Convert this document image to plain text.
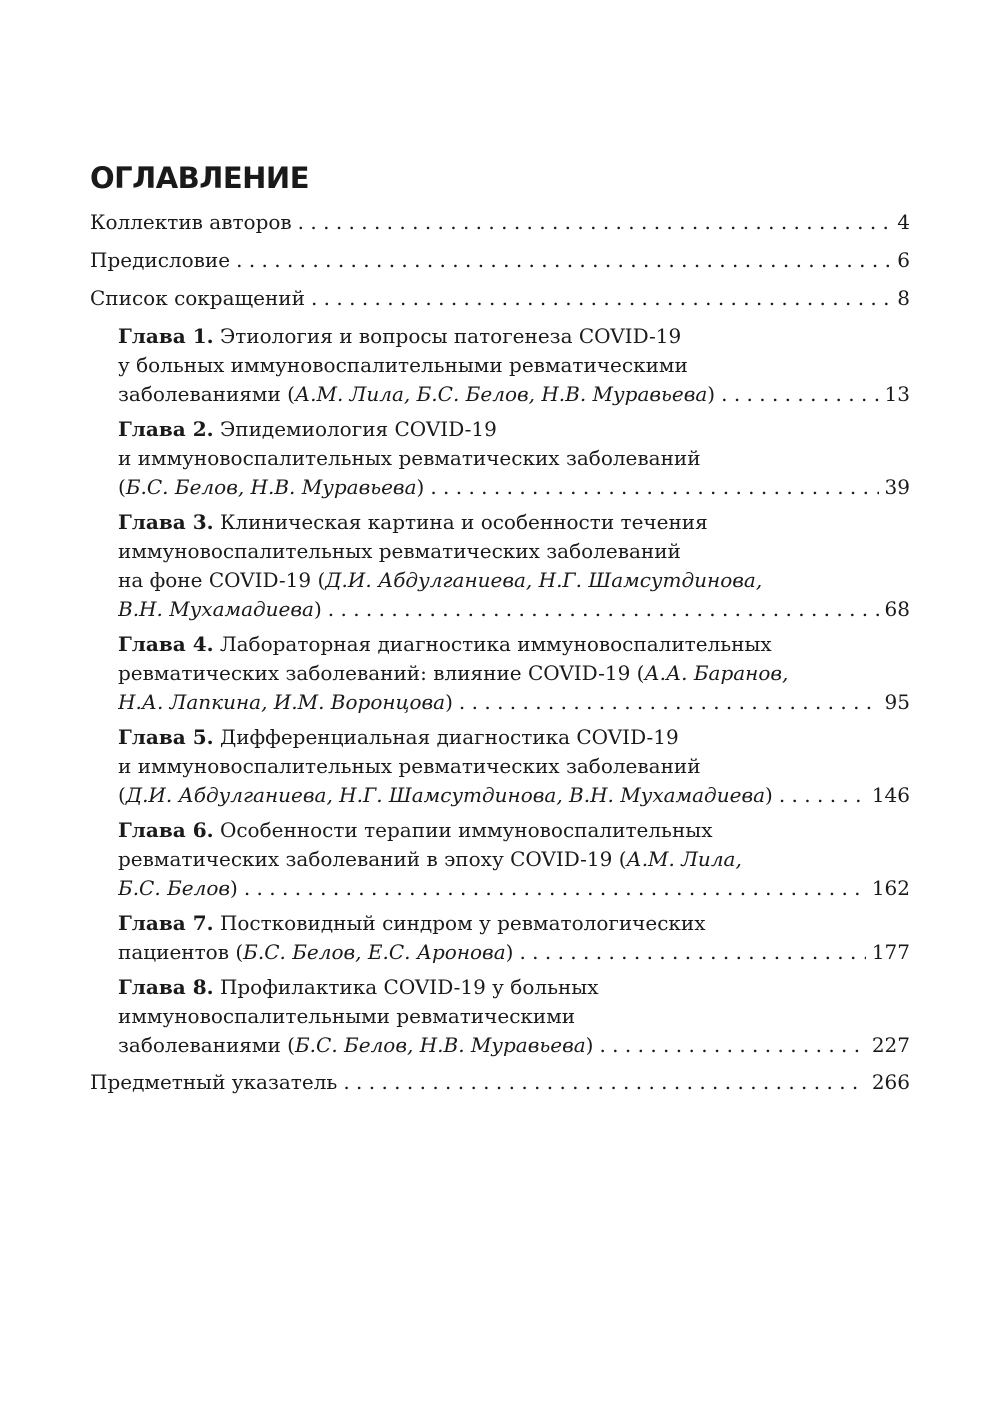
ОГЛАВЛЕНИЕ
Коллектив авторов . . .	4
Предисловие . . .	6
Список сокращений . . .	8
Глава 1. Этиология и вопросы патогенеза COVID-19
у больных иммуновоспалительными ревматическими
заболеваниями (А.М. Лила, Б.С. Белов, Н.В. Муравьева) . . .	13
Глава 2. Эпидемиология COVID-19
и иммуновоспалительных ревматических заболеваний
(Б.С. Белов, Н.В. Муравьева) . . .	39
Глава 3. Клиническая картина и особенности течения
иммуновоспалительных ревматических заболеваний
на фоне COVID-19 (Д.И. Абдулганиева, Н.Г. Шамсутдинова,
В.Н. Мухамадиева) . . .	68
Глава 4. Лабораторная диагностика иммуновоспалительных
ревматических заболеваний: влияние COVID-19 (А.А. Баранов,
Н.А. Лапкина, И.М. Воронцова) . . .	95
Глава 5. Дифференциальная диагностика COVID-19
и иммуновоспалительных ревматических заболеваний
(Д.И. Абдулганиева, Н.Г. Шамсутдинова, В.Н. Мухамадиева) . . .	146
Глава 6. Особенности терапии иммуновоспалительных
ревматических заболеваний в эпоху COVID-19 (А.М. Лила,
Б.С. Белов) . . .	162
Глава 7. Постковидный синдром у ревматологических
пациентов (Б.С. Белов, Е.С. Аронова) . . .	177
Глава 8. Профилактика COVID-19 у больных
иммуновоспалительными ревматическими
заболеваниями (Б.С. Белов, Н.В. Муравьева) . . .	227
Предметный указатель . . .	266
